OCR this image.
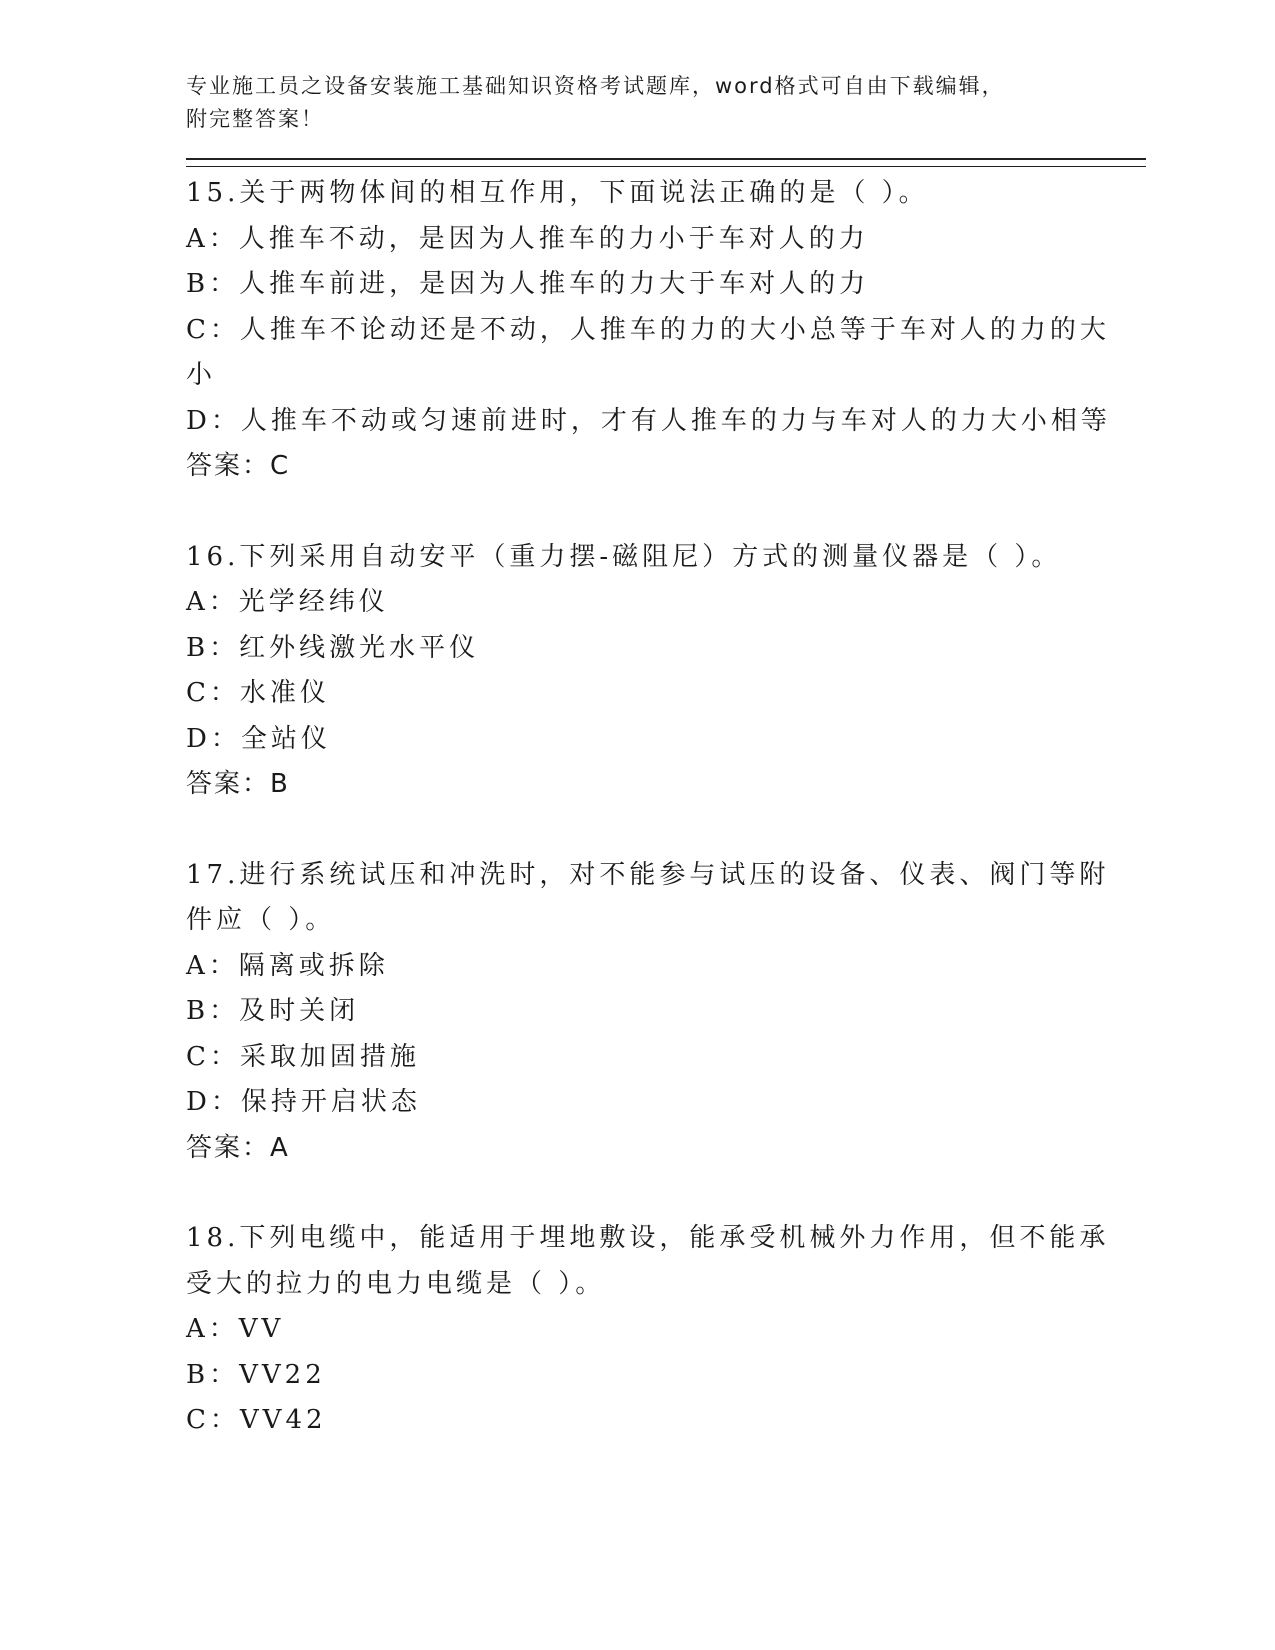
专业施工员之设备安装施工基础知识资格考试题库，word格式可自由下载编辑，
附完整答案！
15.关于两物体间的相互作用，下面说法正确的是（ ）。
A：人推车不动，是因为人推车的力小于车对人的力
B：人推车前进，是因为人推车的力大于车对人的力
C：人推车不论动还是不动，人推车的力的大小总等于车对人的力的大
小
D：人推车不动或匀速前进时，才有人推车的力与车对人的力大小相等
答案：C
16.下列采用自动安平（重力摆-磁阻尼）方式的测量仪器是（ ）。
A：光学经纬仪
B：红外线激光水平仪
C：水准仪
D：全站仪
答案：B
17.进行系统试压和冲洗时，对不能参与试压的设备、仪表、阀门等附
件应（ ）。
A：隔离或拆除
B：及时关闭
C：采取加固措施
D：保持开启状态
答案：A
18.下列电缆中，能适用于埋地敷设，能承受机械外力作用，但不能承
受大的拉力的电力电缆是（ ）。
A：VV
B：VV22
C：VV42
